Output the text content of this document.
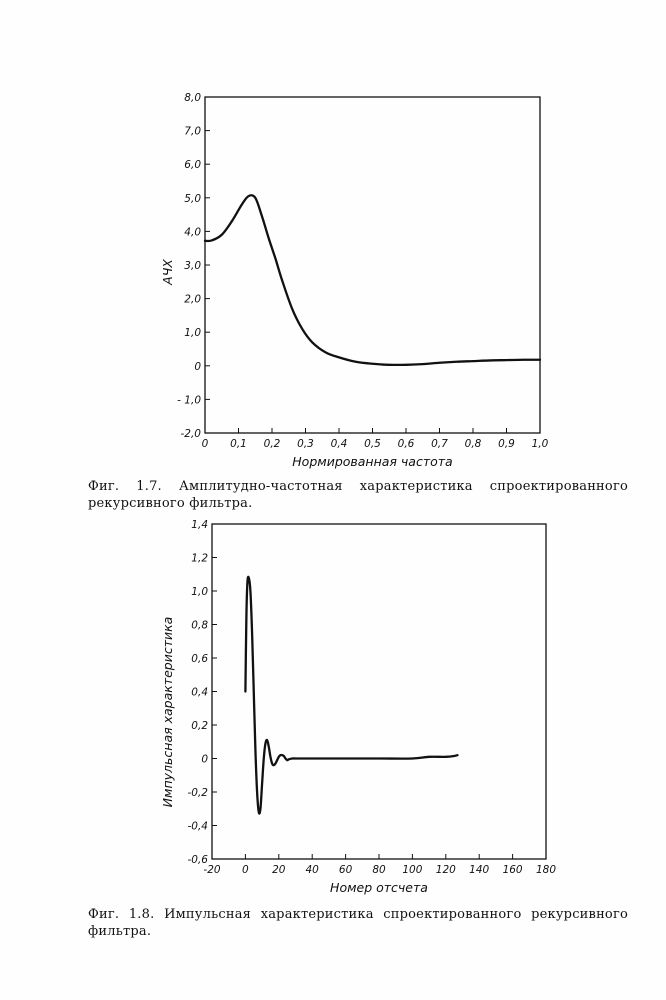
0 0,1 0,2 0,3 0,4 0,5 0,6 0,7 0,8 0,9 1,0
8,0
7,0
6,0
5,0
4,0
3,0
2,0
1,0
0
- 1,0
-2,0
Нормированная частота
АЧХ
-20 0 20 40 60 80 100 120 140 160 180
1,4
1,2
1,0
0,8
0,6
0,4
0,2
0
-0,2
-0,4
-0,6
Номер отсчета
Импульсная характеристика
Фиг. 1.7. Амплитудно-частотная характеристика спроектированного рекурсивного фильтра.
Фиг. 1.8. Импульсная характеристика спроектированного рекурсивного фильтра.
